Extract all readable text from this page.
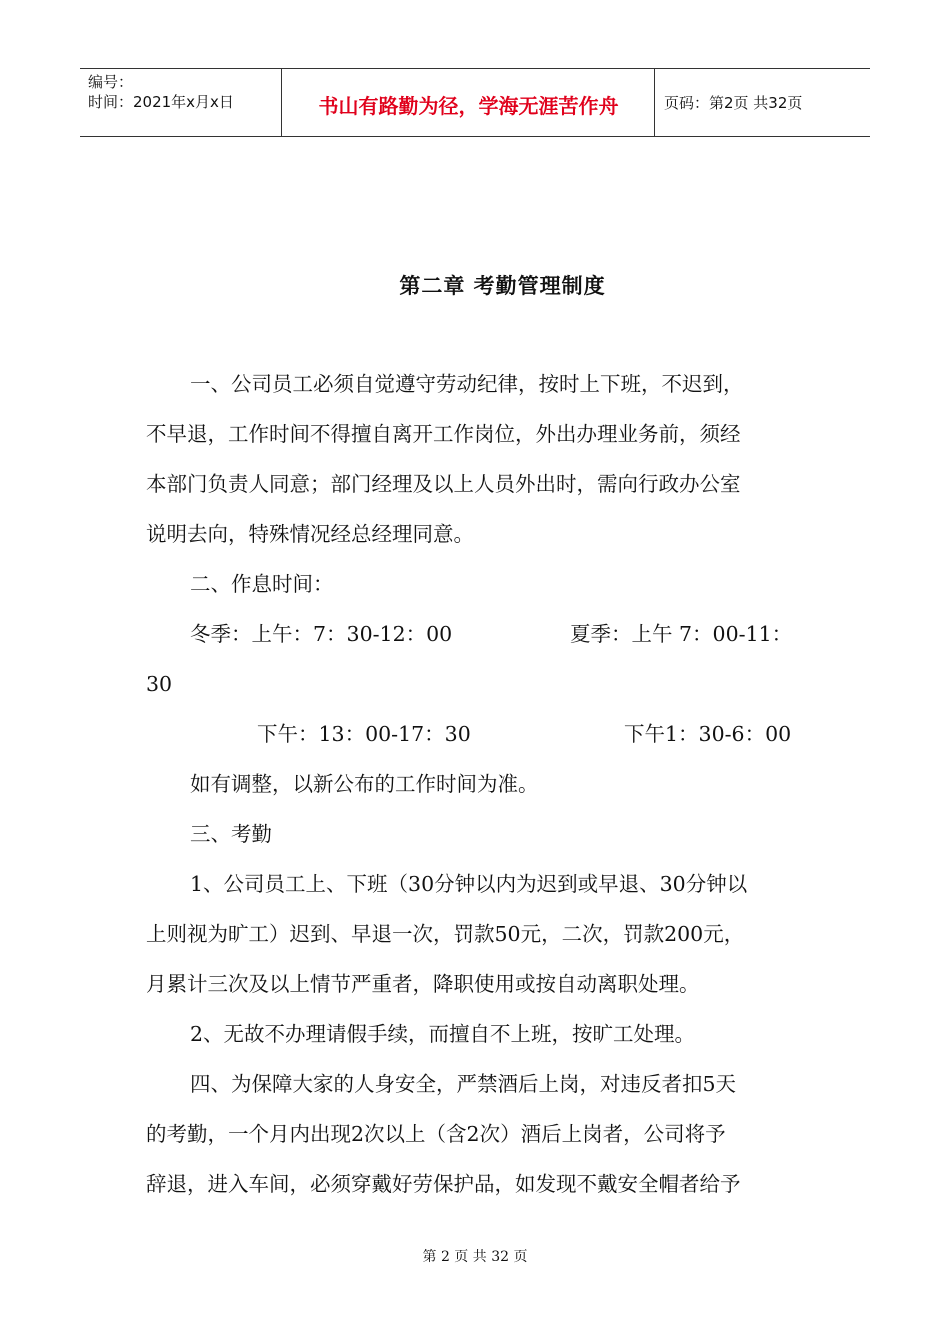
编号：
时间：2021年x月x日	书山有路勤为径，学海无涯苦作舟	页码：第2页 共32页
第二章 考勤管理制度
一、公司员工必须自觉遵守劳动纪律，按时上下班，不迟到，
不早退，工作时间不得擅自离开工作岗位，外出办理业务前，须经
本部门负责人同意；部门经理及以上人员外出时，需向行政办公室
说明去向，特殊情况经总经理同意。
二、作息时间：
冬季：上午：7：30-12：00	夏季：上午 7：00-11：
30
下午：13：00-17：30	下午1：30-6：00
如有调整，以新公布的工作时间为准。
三、考勤
1、公司员工上、下班（30分钟以内为迟到或早退、30分钟以
上则视为旷工）迟到、早退一次，罚款50元，二次，罚款200元，
月累计三次及以上情节严重者，降职使用或按自动离职处理。
2、无故不办理请假手续，而擅自不上班，按旷工处理。
四、为保障大家的人身安全，严禁酒后上岗，对违反者扣5天
的考勤，一个月内出现2次以上（含2次）酒后上岗者，公司将予
辞退，进入车间，必须穿戴好劳保护品，如发现不戴安全帽者给予
第 2 页 共 32 页
